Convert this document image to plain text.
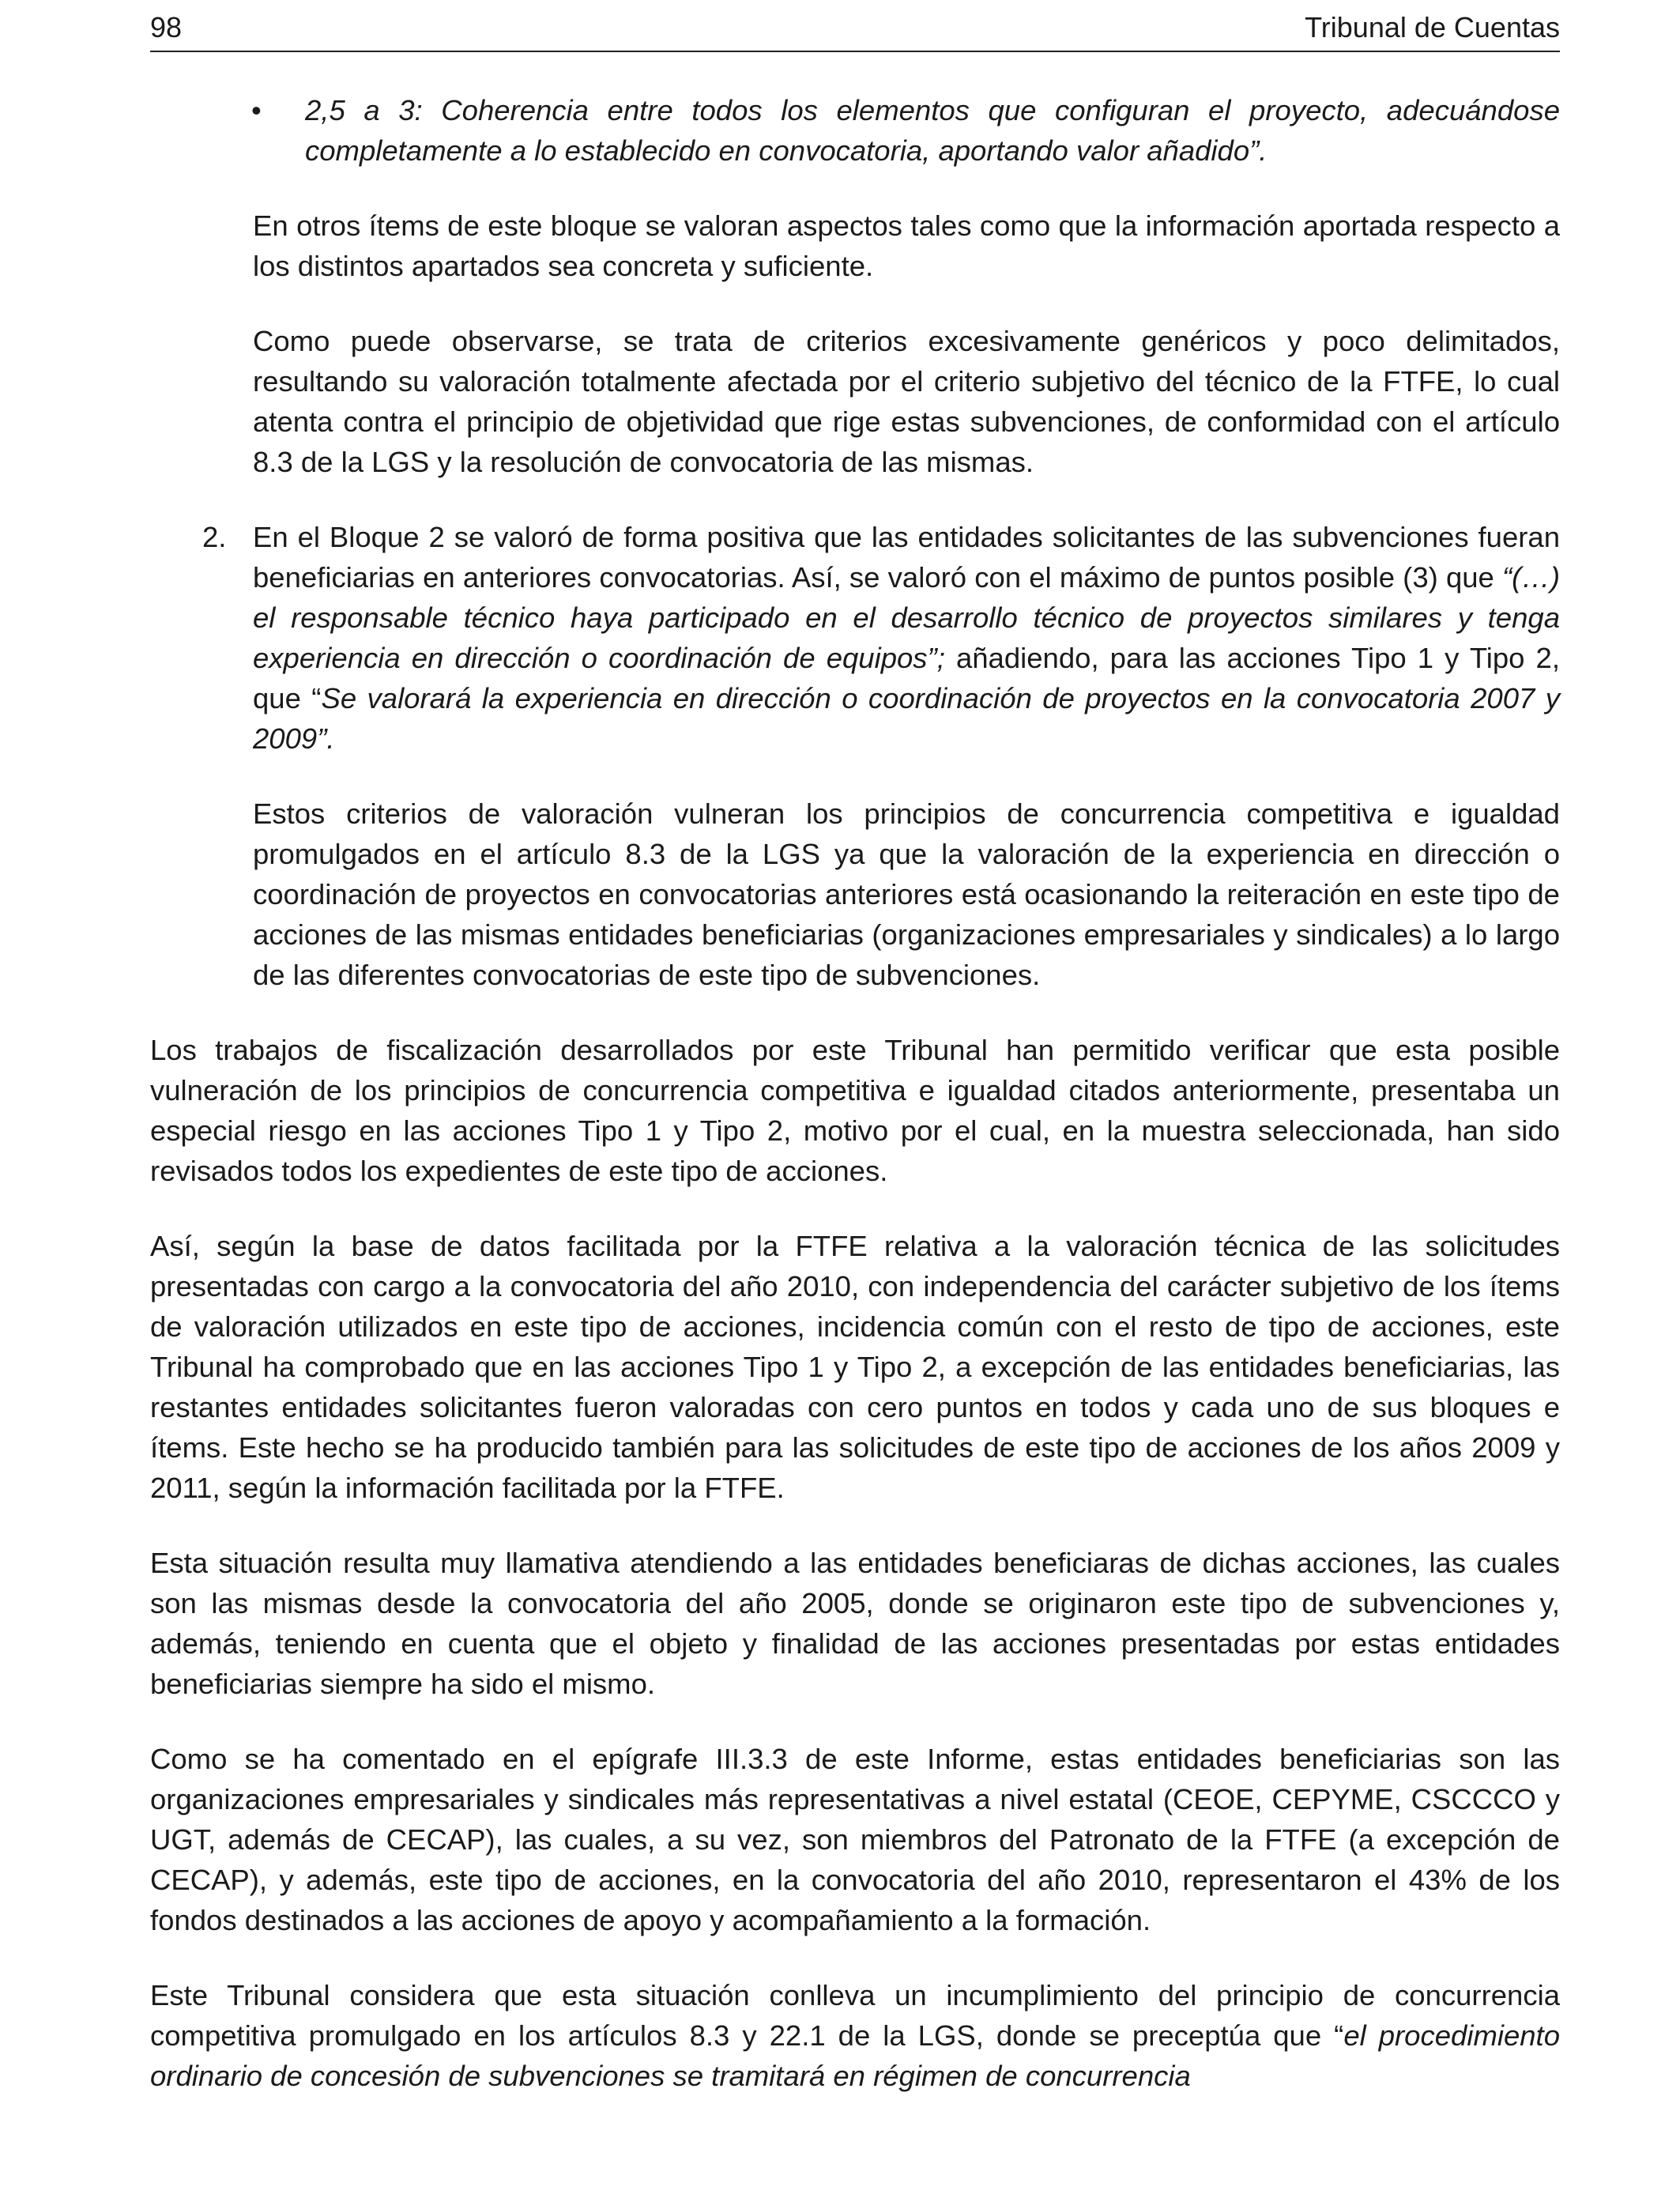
98	Tribunal de Cuentas
• 2,5 a 3: Coherencia entre todos los elementos que configuran el proyecto, adecuándose completamente a lo establecido en convocatoria, aportando valor añadido”.

En otros ítems de este bloque se valoran aspectos tales como que la información aportada respecto a los distintos apartados sea concreta y suficiente.

Como puede observarse, se trata de criterios excesivamente genéricos y poco delimitados, resultando su valoración totalmente afectada por el criterio subjetivo del técnico de la FTFE, lo cual atenta contra el principio de objetividad que rige estas subvenciones, de conformidad con el artículo 8.3 de la LGS y la resolución de convocatoria de las mismas.

2. En el Bloque 2 se valoró de forma positiva que las entidades solicitantes de las subvenciones fueran beneficiarias en anteriores convocatorias. Así, se valoró con el máximo de puntos posible (3) que “(…) el responsable técnico haya participado en el desarrollo técnico de proyectos similares y tenga experiencia en dirección o coordinación de equipos”; añadiendo, para las acciones Tipo 1 y Tipo 2, que “Se valorará la experiencia en dirección o coordinación de proyectos en la convocatoria 2007 y 2009”.

Estos criterios de valoración vulneran los principios de concurrencia competitiva e igualdad promulgados en el artículo 8.3 de la LGS ya que la valoración de la experiencia en dirección o coordinación de proyectos en convocatorias anteriores está ocasionando la reiteración en este tipo de acciones de las mismas entidades beneficiarias (organizaciones empresariales y sindicales) a lo largo de las diferentes convocatorias de este tipo de subvenciones.

Los trabajos de fiscalización desarrollados por este Tribunal han permitido verificar que esta posible vulneración de los principios de concurrencia competitiva e igualdad citados anteriormente, presentaba un especial riesgo en las acciones Tipo 1 y Tipo 2, motivo por el cual, en la muestra seleccionada, han sido revisados todos los expedientes de este tipo de acciones.

Así, según la base de datos facilitada por la FTFE relativa a la valoración técnica de las solicitudes presentadas con cargo a la convocatoria del año 2010, con independencia del carácter subjetivo de los ítems de valoración utilizados en este tipo de acciones, incidencia común con el resto de tipo de acciones, este Tribunal ha comprobado que en las acciones Tipo 1 y Tipo 2, a excepción de las entidades beneficiarias, las restantes entidades solicitantes fueron valoradas con cero puntos en todos y cada uno de sus bloques e ítems. Este hecho se ha producido también para las solicitudes de este tipo de acciones de los años 2009 y 2011, según la información facilitada por la FTFE.

Esta situación resulta muy llamativa atendiendo a las entidades beneficiaras de dichas acciones, las cuales son las mismas desde la convocatoria del año 2005, donde se originaron este tipo de subvenciones y, además, teniendo en cuenta que el objeto y finalidad de las acciones presentadas por estas entidades beneficiarias siempre ha sido el mismo.

Como se ha comentado en el epígrafe III.3.3 de este Informe, estas entidades beneficiarias son las organizaciones empresariales y sindicales más representativas a nivel estatal (CEOE, CEPYME, CSCCCO y UGT, además de CECAP), las cuales, a su vez, son miembros del Patronato de la FTFE (a excepción de CECAP), y además, este tipo de acciones, en la convocatoria del año 2010, representaron el 43% de los fondos destinados a las acciones de apoyo y acompañamiento a la formación.

Este Tribunal considera que esta situación conlleva un incumplimiento del principio de concurrencia competitiva promulgado en los artículos 8.3 y 22.1 de la LGS, donde se preceptúa que “el procedimiento ordinario de concesión de subvenciones se tramitará en régimen de concurrencia
